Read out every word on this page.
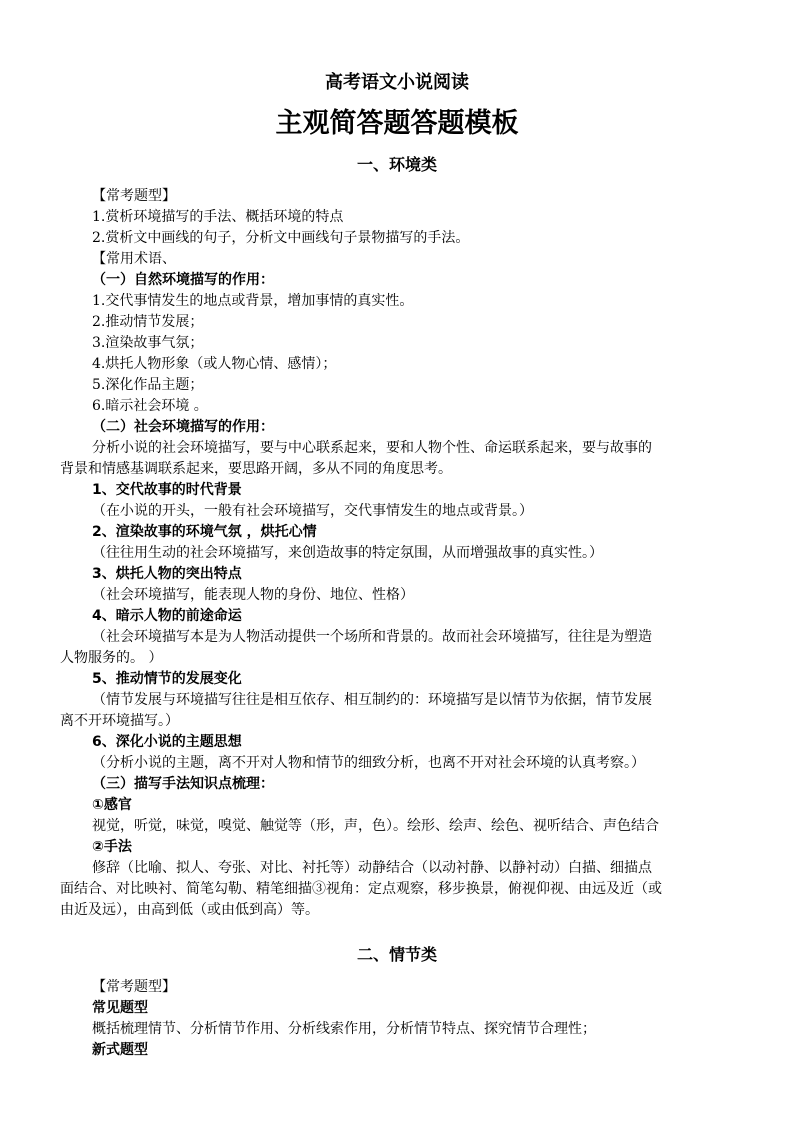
高考语文小说阅读
主观简答题答题模板
一、环境类
【常考题型】
1.赏析环境描写的手法、概括环境的特点
2.赏析文中画线的句子，分析文中画线句子景物描写的手法。
【常用术语、
（一）自然环境描写的作用：
1.交代事情发生的地点或背景，增加事情的真实性。
2.推动情节发展；
3.渲染故事气氛；
4.烘托人物形象（或人物心情、感情）；
5.深化作品主题；
6.暗示社会环境 。
（二）社会环境描写的作用：
分析小说的社会环境描写，要与中心联系起来，要和人物个性、命运联系起来，要与故事的
背景和情感基调联系起来，要思路开阔，多从不同的角度思考。
1、交代故事的时代背景
（在小说的开头，一般有社会环境描写，交代事情发生的地点或背景。）
2、渲染故事的环境气氛 ，烘托心情
（往往用生动的社会环境描写，来创造故事的特定氛围，从而增强故事的真实性。）
3、烘托人物的突出特点
（社会环境描写，能表现人物的身份、地位、性格）
4、暗示人物的前途命运
（社会环境描写本是为人物活动提供一个场所和背景的。故而社会环境描写，往往是为塑造
人物服务的。 ）
5、推动情节的发展变化
（情节发展与环境描写往往是相互依存、相互制约的：环境描写是以情节为依据，情节发展
离不开环境描写。）
6、深化小说的主题思想
（分析小说的主题，离不开对人物和情节的细致分析，也离不开对社会环境的认真考察。）
（三）描写手法知识点梳理：
①感官
视觉，听觉，味觉，嗅觉、触觉等（形，声，色）。绘形、绘声、绘色、视听结合、声色结合
②手法
修辞（比喻、拟人、夸张、对比、衬托等）动静结合（以动衬静、以静衬动）白描、细描点
面结合、对比映衬、简笔勾勒、精笔细描③视角：定点观察，移步换景，俯视仰视、由远及近（或
由近及远），由高到低（或由低到高）等。
二、情节类
【常考题型】
常见题型
概括梳理情节、分析情节作用、分析线索作用，分析情节特点、探究情节合理性；
新式题型
